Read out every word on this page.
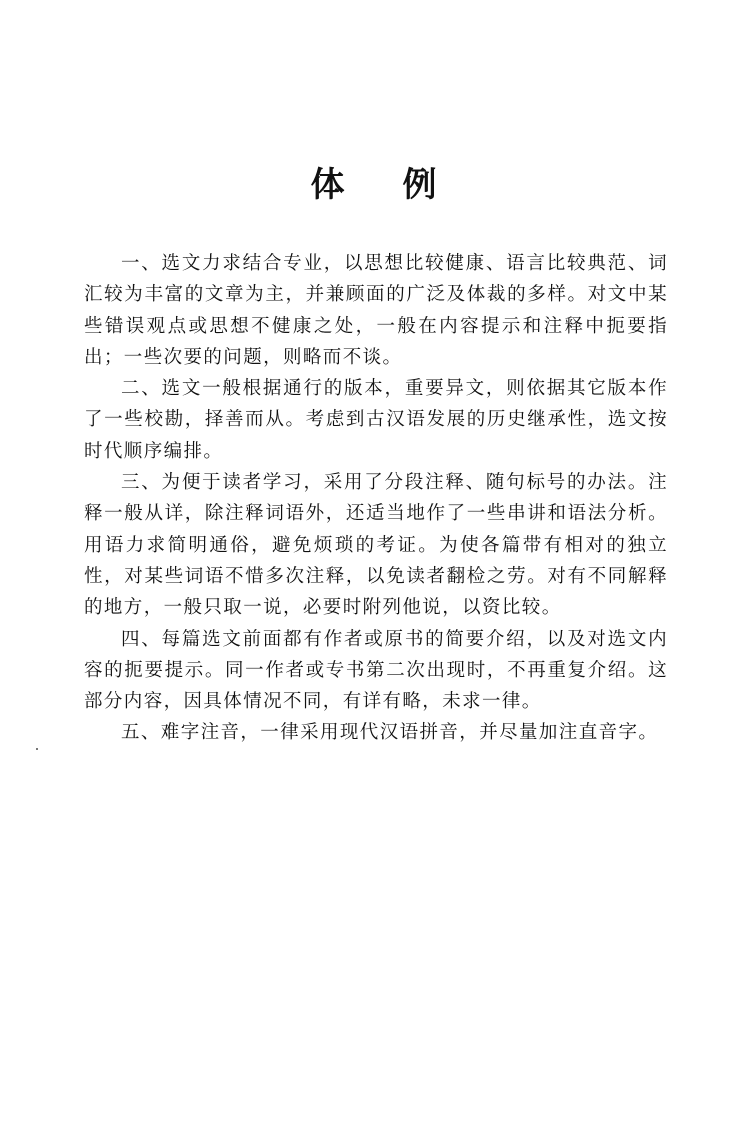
体 例

一、选文力求结合专业，以思想比较健康、语言比较典范、词汇较为丰富的文章为主，并兼顾面的广泛及体裁的多样。对文中某些错误观点或思想不健康之处，一般在内容提示和注释中扼要指出；一些次要的问题，则略而不谈。

二、选文一般根据通行的版本，重要异文，则依据其它版本作了一些校勘，择善而从。考虑到古汉语发展的历史继承性，选文按时代顺序编排。

三、为便于读者学习，采用了分段注释、随句标号的办法。注释一般从详，除注释词语外，还适当地作了一些串讲和语法分析。用语力求简明通俗，避免烦琐的考证。为使各篇带有相对的独立性，对某些词语不惜多次注释，以免读者翻检之劳。对有不同解释的地方，一般只取一说，必要时附列他说，以资比较。

四、每篇选文前面都有作者或原书的简要介绍，以及对选文内容的扼要提示。同一作者或专书第二次出现时，不再重复介绍。这部分内容，因具体情况不同，有详有略，未求一律。

五、难字注音，一律采用现代汉语拼音，并尽量加注直音字。
